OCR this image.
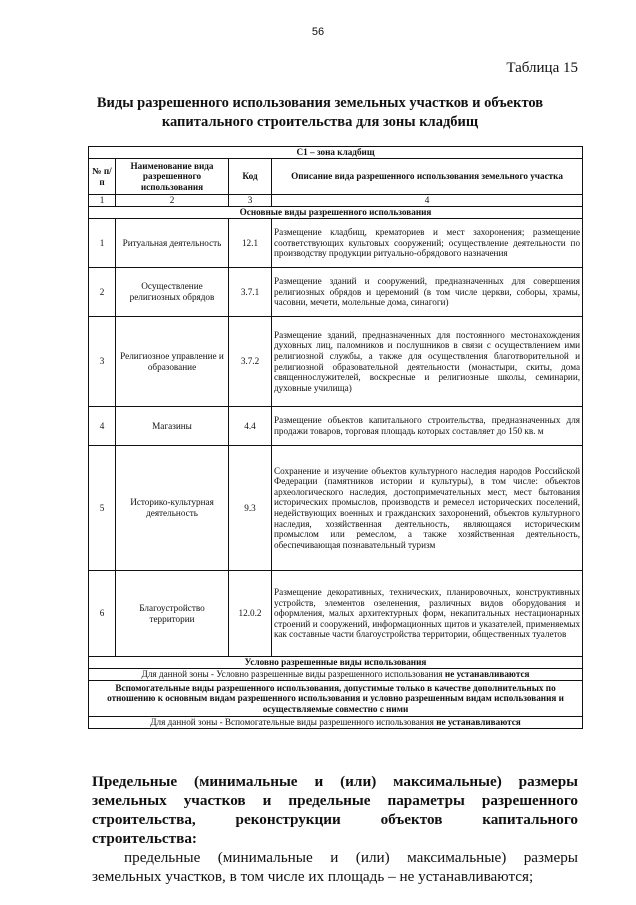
56
Таблица 15
Виды разрешенного использования земельных участков и объектов
капитального строительства для зоны кладбищ
С1 – зона кладбищ			
№ п/п	Наименование вида разрешенного использования	Код	Описание вида разрешенного использования земельного участка
1	2	3	4
Основные виды разрешенного использования			
1	Ритуальная деятельность	12.1	Размещение кладбищ, крематориев и мест захоронения; размещение соответствующих культовых сооружений; осуществление деятельности по производству продукции ритуально-обрядового назначения
2	Осуществление религиозных обрядов	3.7.1	Размещение зданий и сооружений, предназначенных для совершения религиозных обрядов и церемоний (в том числе церкви, соборы, храмы, часовни, мечети, молельные дома, синагоги)
3	Религиозное управление и образование	3.7.2	Размещение зданий, предназначенных для постоянного местонахождения духовных лиц, паломников и послушников в связи с осуществлением ими религиозной службы, а также для осуществления благотворительной и религиозной образовательной деятельности (монастыри, скиты, дома священнослужителей, воскресные и религиозные школы, семинарии, духовные училища)
4	Магазины	4.4	Размещение объектов капитального строительства, предназначенных для продажи товаров, торговая площадь которых составляет до 150 кв. м
5	Историко-культурная деятельность	9.3	Сохранение и изучение объектов культурного наследия народов Российской Федерации (памятников истории и культуры), в том числе: объектов археологического наследия, достопримечательных мест, мест бытования исторических промыслов, производств и ремесел исторических поселений, недействующих военных и гражданских захоронений, объектов культурного наследия, хозяйственная деятельность, являющаяся историческим промыслом или ремеслом, а также хозяйственная деятельность, обеспечивающая познавательный туризм
6	Благоустройство территории	12.0.2	Размещение декоративных, технических, планировочных, конструктивных устройств, элементов озеленения, различных видов оборудования и оформления, малых архитектурных форм, некапитальных нестационарных строений и сооружений, информационных щитов и указателей, применяемых как составные части благоустройства территории, общественных туалетов
Условно разрешенные виды использования			
Для данной зоны - Условно разрешенные виды разрешенного использования не устанавливаются			
Вспомогательные виды разрешенного использования, допустимые только в качестве дополнительных по отношению к основным видам разрешенного использования и условно разрешенным видам использования и осуществляемые совместно с ними			
Для данной зоны - Вспомогательные виды разрешенного использования не устанавливаются			
Предельные (минимальные и (или) максимальные) размеры земельных участков и предельные параметры разрешенного строительства, реконструкции объектов капитального строительства:
предельные (минимальные и (или) максимальные) размеры земельных участков, в том числе их площадь – не устанавливаются;
